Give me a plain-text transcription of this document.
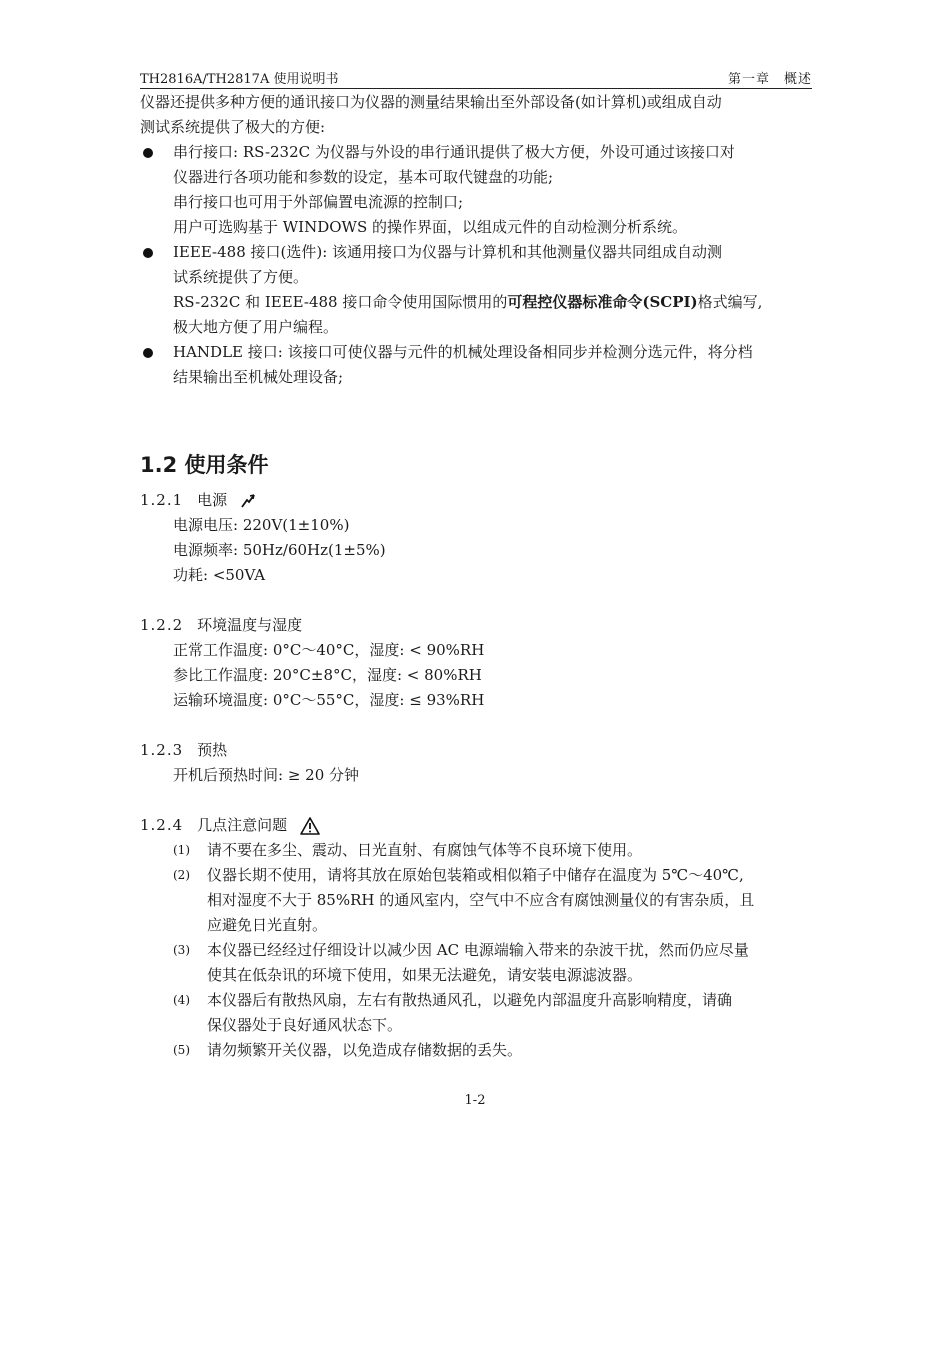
TH2816A/TH2817A 使用说明书	第一章　概述

仪器还提供多种方便的通讯接口为仪器的测量结果输出至外部设备(如计算机)或组成自动

测试系统提供了极大的方便:

串行接口: RS-232C 为仪器与外设的串行通讯提供了极大方便，外设可通过该接口对

仪器进行各项功能和参数的设定，基本可取代键盘的功能;

串行接口也可用于外部偏置电流源的控制口;

用户可选购基于 WINDOWS 的操作界面，以组成元件的自动检测分析系统。

IEEE-488 接口(选件): 该通用接口为仪器与计算机和其他测量仪器共同组成自动测

试系统提供了方便。

RS-232C 和 IEEE-488 接口命令使用国际惯用的可程控仪器标准命令(SCPI)格式编写,

极大地方便了用户编程。

HANDLE 接口: 该接口可使仪器与元件的机械处理设备相同步并检测分选元件，将分档

结果输出至机械处理设备;

1.2 使用条件

1.2.1 电源

电源电压: 220V(1±10%)

电源频率: 50Hz/60Hz(1±5%)

功耗: <50VA

1.2.2 环境温度与湿度

正常工作温度: 0°C～40°C，湿度: < 90%RH

参比工作温度: 20°C±8°C，湿度: < 80%RH

运输环境温度: 0°C～55°C，湿度: ≤ 93%RH

1.2.3 预热

开机后预热时间: ≥ 20 分钟

1.2.4 几点注意问题

(1) 请不要在多尘、震动、日光直射、有腐蚀气体等不良环境下使用。

(2) 仪器长期不使用，请将其放在原始包装箱或相似箱子中储存在温度为 5℃～40℃,

相对湿度不大于 85%RH 的通风室内，空气中不应含有腐蚀测量仪的有害杂质，且

应避免日光直射。

(3) 本仪器已经经过仔细设计以减少因 AC 电源端输入带来的杂波干扰，然而仍应尽量

使其在低杂讯的环境下使用，如果无法避免，请安装电源滤波器。

(4) 本仪器后有散热风扇，左右有散热通风孔，以避免内部温度升高影响精度，请确

保仪器处于良好通风状态下。

(5) 请勿频繁开关仪器，以免造成存储数据的丢失。

1-2
